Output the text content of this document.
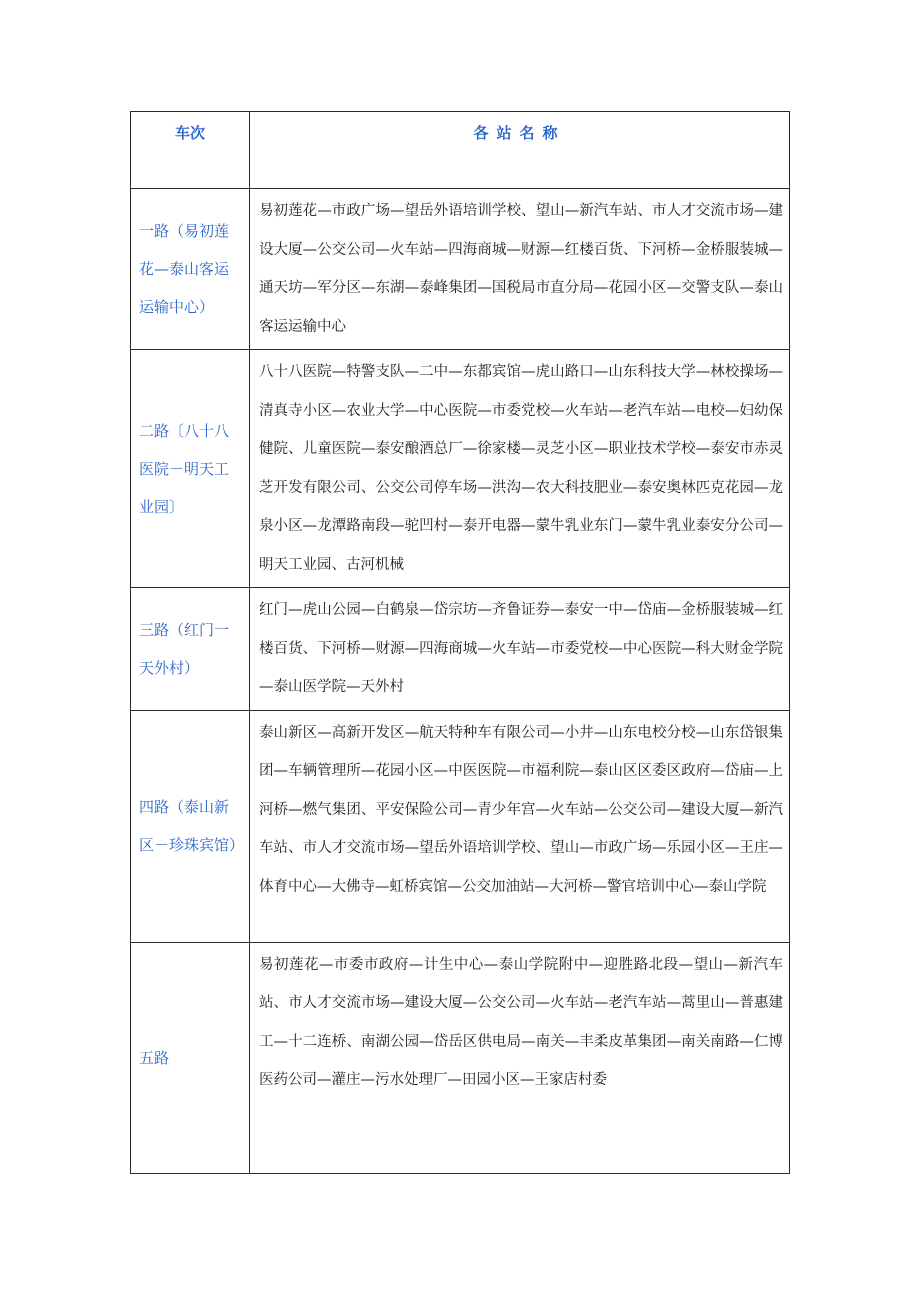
车次	各站名称

一路（易初莲花—泰山客运运输中心）	易初莲花—市政广场—望岳外语培训学校、望山—新汽车站、市人才交流市场—建设大厦—公交公司—火车站—四海商城—财源—红楼百货、下河桥—金桥服装城—通天坊—军分区—东湖—泰峰集团—国税局市直分局—花园小区—交警支队—泰山客运运输中心
二路〔八十八医院－明天工业园〕	八十八医院—特警支队—二中—东都宾馆—虎山路口—山东科技大学—林校操场—清真寺小区—农业大学—中心医院—市委党校—火车站—老汽车站—电校—妇幼保健院、儿童医院—泰安酿酒总厂—徐家楼—灵芝小区—职业技术学校—泰安市赤灵芝开发有限公司、公交公司停车场—洪沟—农大科技肥业—泰安奥林匹克花园—龙泉小区—龙潭路南段—驼凹村—泰开电器—蒙牛乳业东门—蒙牛乳业泰安分公司—明天工业园、古河机械
三路（红门一天外村）	红门—虎山公园—白鹤泉—岱宗坊—齐鲁证券—泰安一中—岱庙—金桥服装城—红楼百货、下河桥—财源—四海商城—火车站—市委党校—中心医院—科大财金学院—泰山医学院—天外村
四路（泰山新区－珍珠宾馆）	泰山新区—高新开发区—航天特种车有限公司—小井—山东电校分校—山东岱银集团—车辆管理所—花园小区—中医医院—市福利院—泰山区区委区政府—岱庙—上河桥—燃气集团、平安保险公司—青少年宫—火车站—公交公司—建设大厦—新汽车站、市人才交流市场—望岳外语培训学校、望山—市政广场—乐园小区—王庄—体育中心—大佛寺—虹桥宾馆—公交加油站—大河桥—警官培训中心—泰山学院
五路	易初莲花—市委市政府—计生中心—泰山学院附中—迎胜路北段—望山—新汽车站、市人才交流市场—建设大厦—公交公司—火车站—老汽车站—蒿里山—普惠建工—十二连桥、南湖公园—岱岳区供电局—南关—丰柔皮革集团—南关南路—仁博医药公司—灌庄—污水处理厂—田园小区—王家店村委
